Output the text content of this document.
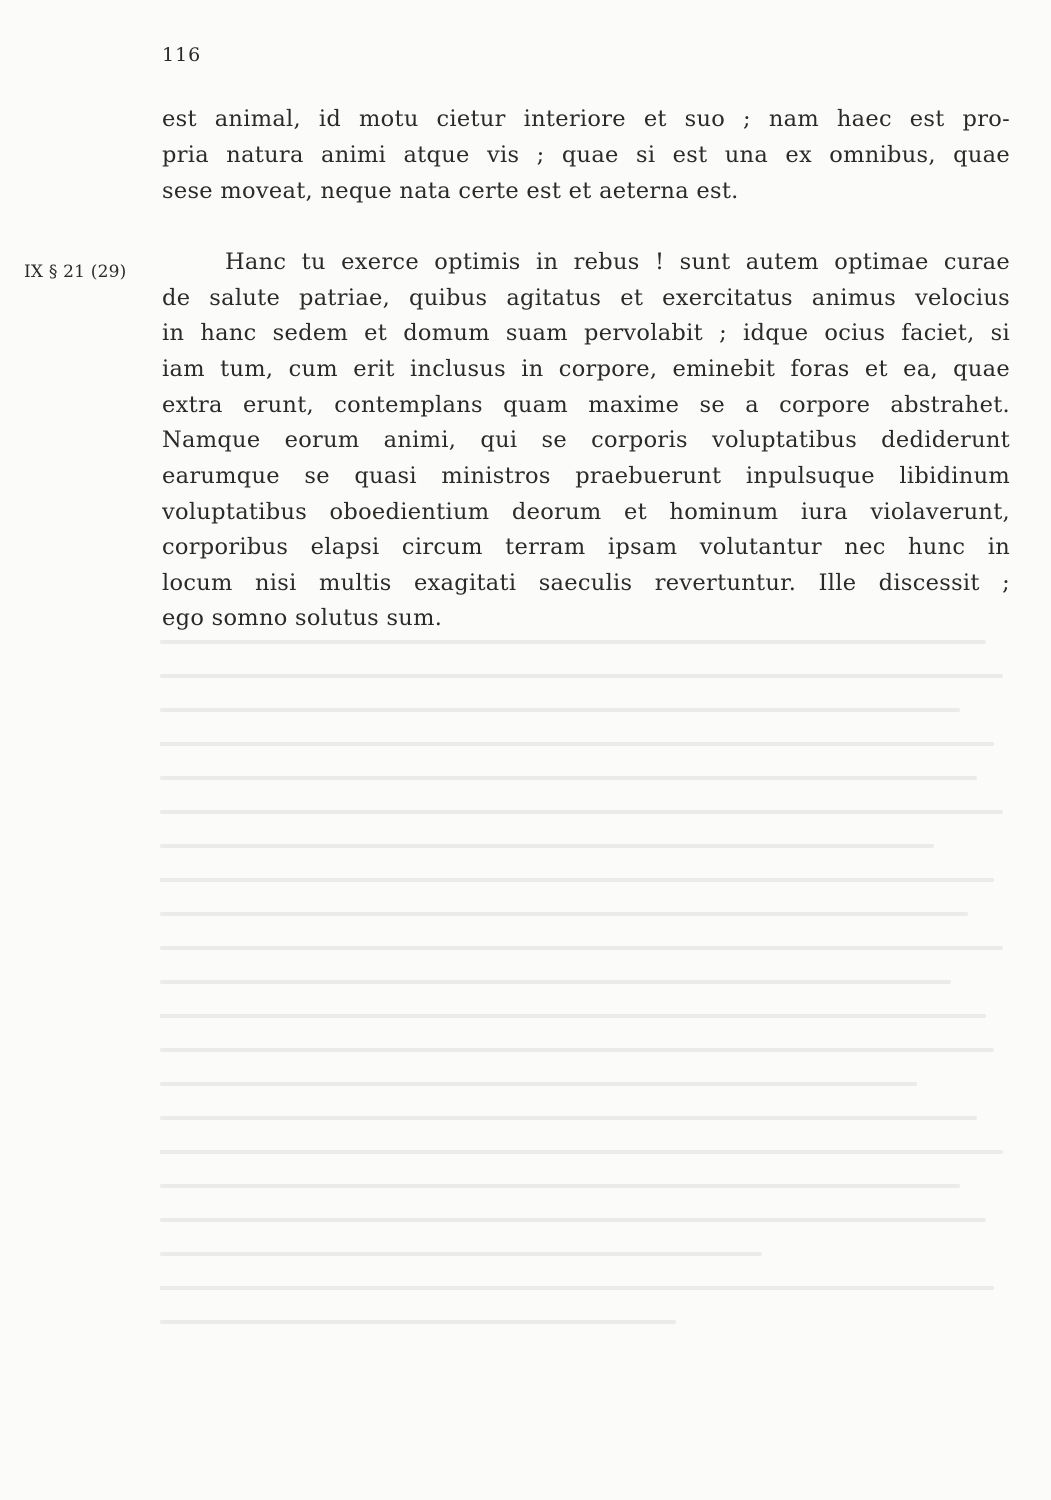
116
IX § 21 (29)
est animal, id motu cietur interiore et suo ; nam haec est pro-
pria natura animi atque vis ; quae si est una ex omnibus, quae
sese moveat, neque nata certe est et aeterna est.
Hanc tu exerce optimis in rebus ! sunt autem optimae curae
de salute patriae, quibus agitatus et exercitatus animus velocius
in hanc sedem et domum suam pervolabit ; idque ocius faciet, si
iam tum, cum erit inclusus in corpore, eminebit foras et ea, quae
extra erunt, contemplans quam maxime se a corpore abstrahet.
Namque eorum animi, qui se corporis voluptatibus dediderunt
earumque se quasi ministros praebuerunt inpulsuque libidinum
voluptatibus oboedientium deorum et hominum iura violaverunt,
corporibus elapsi circum terram ipsam volutantur nec hunc in
locum nisi multis exagitati saeculis revertuntur. Ille discessit ;
ego somno solutus sum.
